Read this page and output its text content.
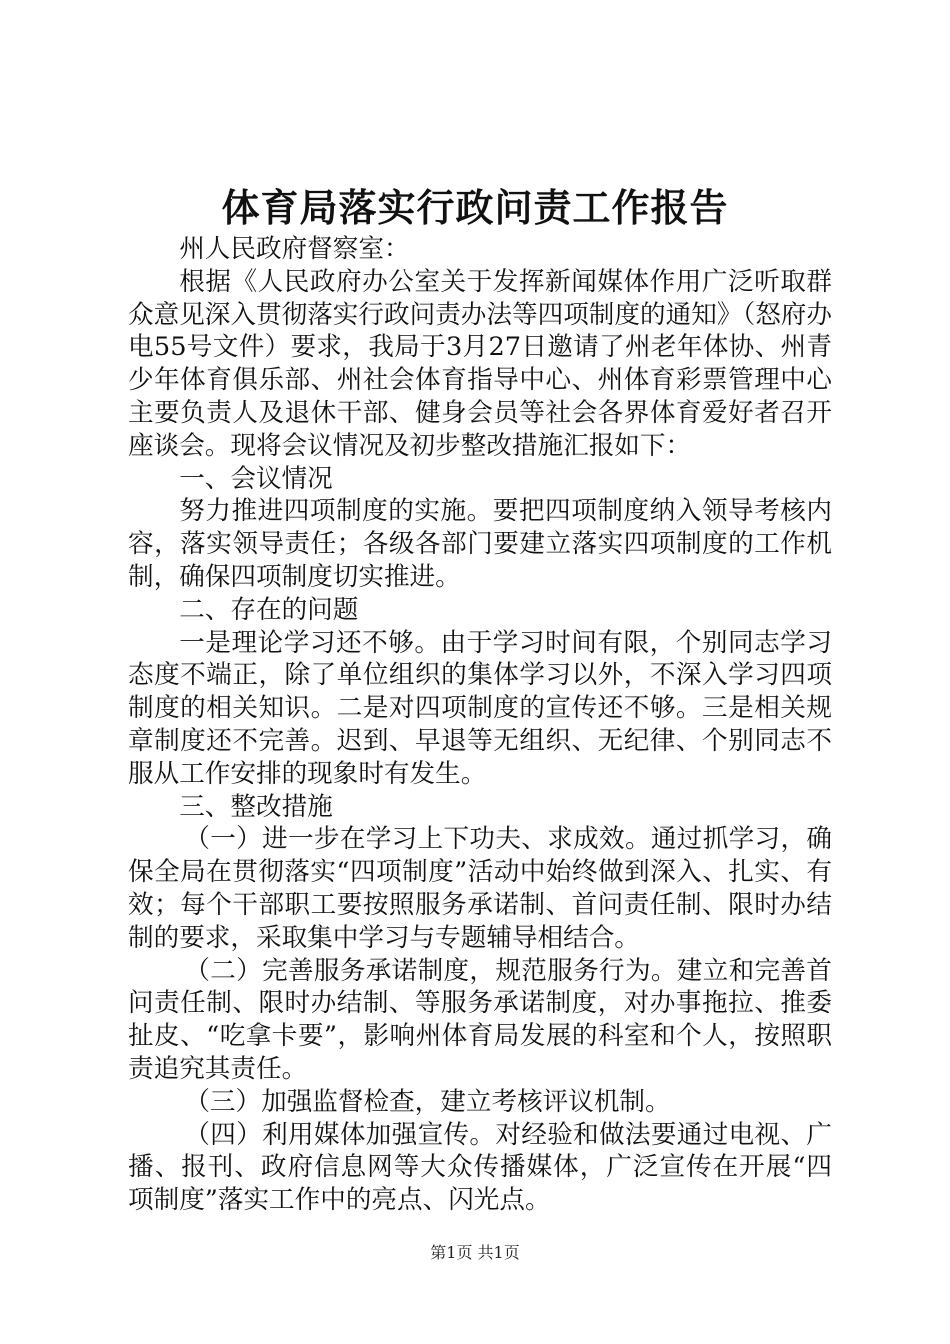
体育局落实行政问责工作报告

州人民政府督察室：

根据《人民政府办公室关于发挥新闻媒体作用广泛听取群众意见深入贯彻落实行政问责办法等四项制度的通知》（怒府办电55号文件）要求，我局于3月27日邀请了州老年体协、州青少年体育俱乐部、州社会体育指导中心、州体育彩票管理中心主要负责人及退休干部、健身会员等社会各界体育爱好者召开座谈会。现将会议情况及初步整改措施汇报如下：

一、会议情况

努力推进四项制度的实施。要把四项制度纳入领导考核内容，落实领导责任；各级各部门要建立落实四项制度的工作机制，确保四项制度切实推进。

二、存在的问题

一是理论学习还不够。由于学习时间有限，个别同志学习态度不端正，除了单位组织的集体学习以外，不深入学习四项制度的相关知识。二是对四项制度的宣传还不够。三是相关规章制度还不完善。迟到、早退等无组织、无纪律、个别同志不服从工作安排的现象时有发生。

三、整改措施

（一）进一步在学习上下功夫、求成效。通过抓学习，确保全局在贯彻落实“四项制度”活动中始终做到深入、扎实、有效；每个干部职工要按照服务承诺制、首问责任制、限时办结制的要求，采取集中学习与专题辅导相结合。

（二）完善服务承诺制度，规范服务行为。建立和完善首问责任制、限时办结制、等服务承诺制度，对办事拖拉、推委扯皮、“吃拿卡要”，影响州体育局发展的科室和个人，按照职责追究其责任。

（三）加强监督检查，建立考核评议机制。

（四）利用媒体加强宣传。对经验和做法要通过电视、广播、报刊、政府信息网等大众传播媒体，广泛宣传在开展“四项制度”落实工作中的亮点、闪光点。

第1页 共1页
